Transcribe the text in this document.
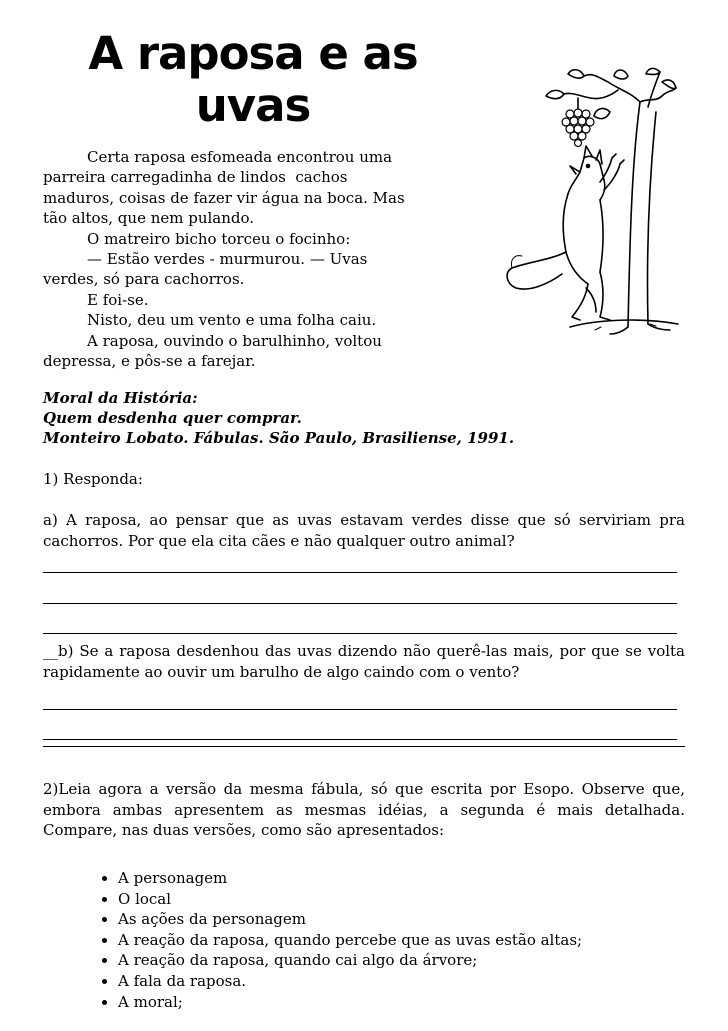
A raposa e as
uvas

Certa raposa esfomeada encontrou uma

parreira carregadinha de lindos  cachos

maduros, coisas de fazer vir água na boca. Mas

tão altos, que nem pulando.

O matreiro bicho torceu o focinho:

— Estão verdes - murmurou. — Uvas

verdes, só para cachorros.

E foi-se.

Nisto, deu um vento e uma folha caiu.

A raposa, ouvindo o barulhinho, voltou

depressa, e pôs-se a farejar.

Moral da História:
Quem desdenha quer comprar.
Monteiro Lobato. Fábulas. São Paulo, Brasiliense, 1991.
1) Responda:
a) A raposa, ao pensar que as uvas estavam verdes disse que só serviriam pra cachorros. Por que ela cita cães e não qualquer outro animal?
__b) Se a raposa desdenhou das uvas dizendo não querê-las mais, por que se volta rapidamente ao ouvir um barulho de algo caindo com o vento?
2)Leia agora a versão da mesma fábula, só que escrita por Esopo. Observe que, embora ambas apresentem as mesmas idéias, a segunda é mais detalhada. Compare, nas duas versões, como são apresentados:
• A personagem
• O local
• As ações da personagem
• A reação da raposa, quando percebe que as uvas estão altas;
• A reação da raposa, quando cai algo da árvore;
• A fala da raposa.
• A moral;
